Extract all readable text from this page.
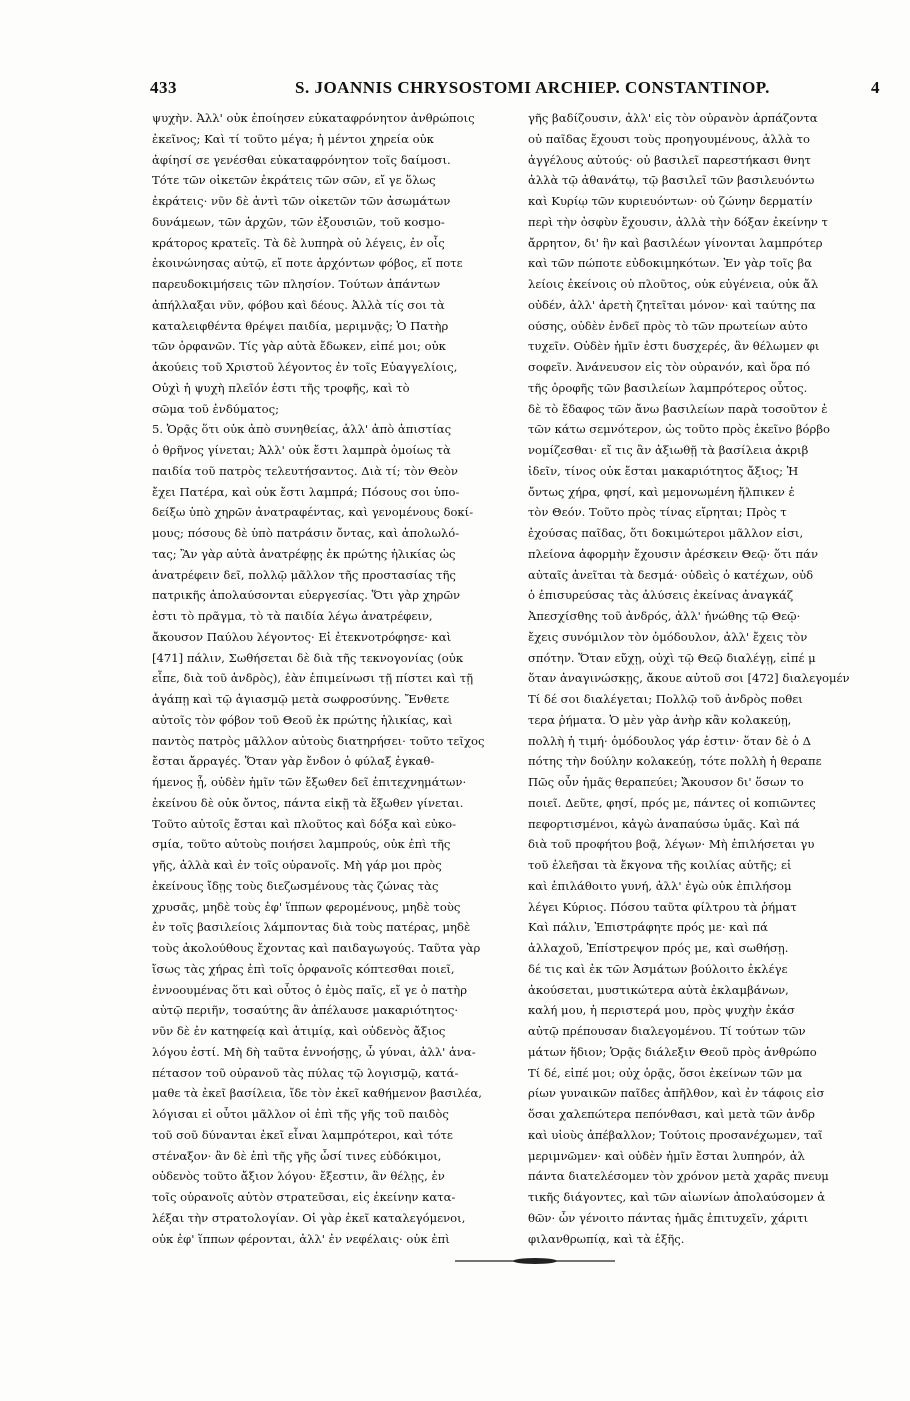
433	S. JOANNIS CHRYSOSTOMI ARCHIEP. CONSTANTINOP.	4
ψυχὴν. Ἀλλ' οὐκ ἐποίησεν εὐκαταφρόνητον ἀνθρώποις
ἐκεῖνος; Καὶ τί τοῦτο μέγα; ἡ μέντοι χηρεία οὐκ
ἀφίησί σε γενέσθαι εὐκαταφρόνητον τοῖς δαίμοσι.
Τότε τῶν οἰκετῶν ἐκράτεις τῶν σῶν, εἴ γε ὅλως
ἐκράτεις· νῦν δὲ ἀντὶ τῶν οἰκετῶν τῶν ἀσωμάτων
δυνάμεων, τῶν ἀρχῶν, τῶν ἐξουσιῶν, τοῦ κοσμο-
κράτορος κρατεῖς. Τὰ δὲ λυπηρὰ οὐ λέγεις, ἐν οἷς
ἐκοινώνησας αὐτῷ, εἴ ποτε ἀρχόντων φόβος, εἴ ποτε
παρευδοκιμήσεις τῶν πλησίον. Τούτων ἁπάντων
ἀπήλλαξαι νῦν, φόβου καὶ δέους. Ἀλλὰ τίς σοι τὰ
καταλειφθέντα θρέψει παιδία, μεριμνᾷς; Ὁ Πατὴρ
τῶν ὀρφανῶν. Τίς γὰρ αὐτὰ ἔδωκεν, εἰπέ μοι; οὐκ
ἀκούεις τοῦ Χριστοῦ λέγοντος ἐν τοῖς Εὐαγγελίοις,
Οὐχὶ ἡ ψυχὴ πλεῖόν ἐστι τῆς τροφῆς, καὶ τὸ
σῶμα τοῦ ἐνδύματος;
5. Ὁρᾷς ὅτι οὐκ ἀπὸ συνηθείας, ἀλλ' ἀπὸ ἀπιστίας
ὁ θρῆνος γίνεται; Ἀλλ' οὐκ ἔστι λαμπρὰ ὁμοίως τὰ
παιδία τοῦ πατρὸς τελευτήσαντος. Διὰ τί; τὸν Θεὸν
ἔχει Πατέρα, καὶ οὐκ ἔστι λαμπρά; Πόσους σοι ὑπο-
δείξω ὑπὸ χηρῶν ἀνατραφέντας, καὶ γενομένους δοκί-
μους; πόσους δὲ ὑπὸ πατράσιν ὄντας, καὶ ἀπολωλό-
τας; Ἂν γὰρ αὐτὰ ἀνατρέφῃς ἐκ πρώτης ἡλικίας ὡς
ἀνατρέφειν δεῖ, πολλῷ μᾶλλον τῆς προστασίας τῆς
πατρικῆς ἀπολαύσονται εὐεργεσίας. Ὅτι γὰρ χηρῶν
ἐστι τὸ πρᾶγμα, τὸ τὰ παιδία λέγω ἀνατρέφειν,
ἄκουσον Παύλου λέγοντος· Εἰ ἐτεκνοτρόφησε· καὶ
[471] πάλιν, Σωθήσεται δὲ διὰ τῆς τεκνογονίας (οὐκ
εἶπε, διὰ τοῦ ἀνδρὸς), ἐὰν ἐπιμείνωσι τῇ πίστει καὶ τῇ
ἀγάπῃ καὶ τῷ ἁγιασμῷ μετὰ σωφροσύνης. Ἔνθετε
αὐτοῖς τὸν φόβον τοῦ Θεοῦ ἐκ πρώτης ἡλικίας, καὶ
παντὸς πατρὸς μᾶλλον αὐτοὺς διατηρήσει· τοῦτο τεῖχος
ἔσται ἄρραγές. Ὅταν γὰρ ἔνδον ὁ φύλαξ ἐγκαθ-
ήμενος ᾖ, οὐδὲν ἡμῖν τῶν ἔξωθεν δεῖ ἐπιτεχνημάτων·
ἐκείνου δὲ οὐκ ὄντος, πάντα εἰκῇ τὰ ἔξωθεν γίνεται.
Τοῦτο αὐτοῖς ἔσται καὶ πλοῦτος καὶ δόξα καὶ εὐκο-
σμία, τοῦτο αὐτοὺς ποιήσει λαμπρούς, οὐκ ἐπὶ τῆς
γῆς, ἀλλὰ καὶ ἐν τοῖς οὐρανοῖς. Μὴ γάρ μοι πρὸς
ἐκείνους ἴδῃς τοὺς διεζωσμένους τὰς ζώνας τὰς
χρυσᾶς, μηδὲ τοὺς ἐφ' ἵππων φερομένους, μηδὲ τοὺς
ἐν τοῖς βασιλείοις λάμποντας διὰ τοὺς πατέρας, μηδὲ
τοὺς ἀκολούθους ἔχοντας καὶ παιδαγωγούς. Ταῦτα γὰρ
ἴσως τὰς χήρας ἐπὶ τοῖς ὀρφανοῖς κόπτεσθαι ποιεῖ,
ἐννοουμένας ὅτι καὶ οὗτος ὁ ἐμὸς παῖς, εἴ γε ὁ πατὴρ
αὐτῷ περιῆν, τοσαύτης ἂν ἀπέλαυσε μακαριότητος·
νῦν δὲ ἐν κατηφείᾳ καὶ ἀτιμίᾳ, καὶ οὐδενὸς ἄξιος
λόγου ἐστί. Μὴ δὴ ταῦτα ἐννοήσῃς, ὦ γύναι, ἀλλ' ἀνα-
πέτασον τοῦ οὐρανοῦ τὰς πύλας τῷ λογισμῷ, κατά-
μαθε τὰ ἐκεῖ βασίλεια, ἴδε τὸν ἐκεῖ καθήμενον βασιλέα,
λόγισαι εἰ οὗτοι μᾶλλον οἱ ἐπὶ τῆς γῆς τοῦ παιδὸς
τοῦ σοῦ δύνανται ἐκεῖ εἶναι λαμπρότεροι, καὶ τότε
στέναξον· ἂν δὲ ἐπὶ τῆς γῆς ὦσί τινες εὐδόκιμοι,
οὐδενὸς τοῦτο ἄξιον λόγου· ἔξεστιν, ἂν θέλῃς, ἐν
τοῖς οὐρανοῖς αὐτὸν στρατεῦσαι, εἰς ἐκείνην κατα-
λέξαι τὴν στρατολογίαν. Οἱ γὰρ ἐκεῖ καταλεγόμενοι,
οὐκ ἐφ' ἵππων φέρονται, ἀλλ' ἐν νεφέλαις· οὐκ ἐπὶ
γῆς βαδίζουσιν, ἀλλ' εἰς τὸν οὐρανὸν ἁρπάζοντα
οὐ παῖδας ἔχουσι τοὺς προηγουμένους, ἀλλὰ το
ἀγγέλους αὐτούς· οὐ βασιλεῖ παρεστήκασι θνητ
ἀλλὰ τῷ ἀθανάτῳ, τῷ βασιλεῖ τῶν βασιλευόντω
καὶ Κυρίῳ τῶν κυριευόντων· οὐ ζώνην δερματίν
περὶ τὴν ὀσφὺν ἔχουσιν, ἀλλὰ τὴν δόξαν ἐκείνην τ
ἄρρητον, δι' ἣν καὶ βασιλέων γίνονται λαμπρότερ
καὶ τῶν πώποτε εὐδοκιμηκότων. Ἐν γὰρ τοῖς βα
λείοις ἐκείνοις οὐ πλοῦτος, οὐκ εὐγένεια, οὐκ ἄλ
οὐδέν, ἀλλ' ἀρετὴ ζητεῖται μόνον· καὶ ταύτης πα
ούσης, οὐδὲν ἐνδεῖ πρὸς τὸ τῶν πρωτείων αὐτο
τυχεῖν. Οὐδὲν ἡμῖν ἐστι δυσχερές, ἂν θέλωμεν φι
σοφεῖν. Ἀνάνευσον εἰς τὸν οὐρανόν, καὶ ὅρα πό
τῆς ὀροφῆς τῶν βασιλείων λαμπρότερος οὗτος.
δὲ τὸ ἔδαφος τῶν ἄνω βασιλείων παρὰ τοσοῦτον ἐ
τῶν κάτω σεμνότερον, ὡς τοῦτο πρὸς ἐκεῖνο βόρβο
νομίζεσθαι· εἴ τις ἂν ἀξιωθῇ τὰ βασίλεια ἀκριβ
ἰδεῖν, τίνος οὐκ ἔσται μακαριότητος ἄξιος; Ἡ
ὄντως χήρα, φησί, καὶ μεμονωμένη ἤλπικεν ἐ
τὸν Θεόν. Τοῦτο πρὸς τίνας εἴρηται; Πρὸς τ
ἐχούσας παῖδας, ὅτι δοκιμώτεροι μᾶλλον εἰσι,
πλείονα ἀφορμὴν ἔχουσιν ἀρέσκειν Θεῷ· ὅτι πάν
αὐταῖς ἀνεῖται τὰ δεσμά· οὐδεὶς ὁ κατέχων, οὐδ
ὁ ἐπισυρεύσας τὰς ἀλύσεις ἐκείνας ἀναγκάζ
Ἀπεσχίσθης τοῦ ἀνδρός, ἀλλ' ἡνώθης τῷ Θεῷ·
ἔχεις συνόμιλον τὸν ὁμόδουλον, ἀλλ' ἔχεις τὸν
σπότην. Ὅταν εὔχῃ, οὐχὶ τῷ Θεῷ διαλέγῃ, εἰπέ μ
ὅταν ἀναγινώσκῃς, ἄκουε αὐτοῦ σοι [472] διαλεγομέν
Τί δέ σοι διαλέγεται; Πολλῷ τοῦ ἀνδρὸς ποθει
τερα ῥήματα. Ὁ μὲν γὰρ ἀνὴρ κἂν κολακεύῃ,
πολλὴ ἡ τιμή· ὁμόδουλος γάρ ἐστιν· ὅταν δὲ ὁ Δ
πότης τὴν δούλην κολακεύῃ, τότε πολλὴ ἡ θεραπε
Πῶς οὖν ἡμᾶς θεραπεύει; Ἄκουσον δι' ὅσων το
ποιεῖ. Δεῦτε, φησί, πρός με, πάντες οἱ κοπιῶντες
πεφορτισμένοι, κἀγὼ ἀναπαύσω ὑμᾶς. Καὶ πά
διὰ τοῦ προφήτου βοᾷ, λέγων· Μὴ ἐπιλήσεται γυ
τοῦ ἐλεῆσαι τὰ ἔκγονα τῆς κοιλίας αὐτῆς; εἰ
καὶ ἐπιλάθοιτο γυνή, ἀλλ' ἐγὼ οὐκ ἐπιλήσομ
λέγει Κύριος. Πόσου ταῦτα φίλτρου τὰ ῥήματ
Καὶ πάλιν, Ἐπιστράφητε πρός με· καὶ πά
ἀλλαχοῦ, Ἐπίστρεψον πρός με, καὶ σωθήσῃ.
δέ τις καὶ ἐκ τῶν Ἀσμάτων βούλοιτο ἐκλέγε
ἀκούσεται, μυστικώτερα αὐτὰ ἐκλαμβάνων,
καλή μου, ἡ περιστερά μου, πρὸς ψυχὴν ἐκάσ
αὐτῷ πρέπουσαν διαλεγομένου. Τί τούτων τῶν
μάτων ἥδιον; Ὁρᾷς διάλεξιν Θεοῦ πρὸς ἀνθρώπο
Τί δέ, εἰπέ μοι; οὐχ ὁρᾷς, ὅσοι ἐκείνων τῶν μα
ρίων γυναικῶν παῖδες ἀπῆλθον, καὶ ἐν τάφοις εἰσ
ὅσαι χαλεπώτερα πεπόνθασι, καὶ μετὰ τῶν ἀνδρ
καὶ υἱοὺς ἀπέβαλλον; Τούτοις προσανέχωμεν, ταῖ
μεριμνῶμεν· καὶ οὐδὲν ἡμῖν ἔσται λυπηρόν, ἀλ
πάντα διατελέσομεν τὸν χρόνον μετὰ χαρᾶς πνευμ
τικῆς διάγοντες, καὶ τῶν αἰωνίων ἀπολαύσομεν ἀ
θῶν· ὧν γένοιτο πάντας ἡμᾶς ἐπιτυχεῖν, χάριτι
φιλανθρωπίᾳ, καὶ τὰ ἑξῆς.
